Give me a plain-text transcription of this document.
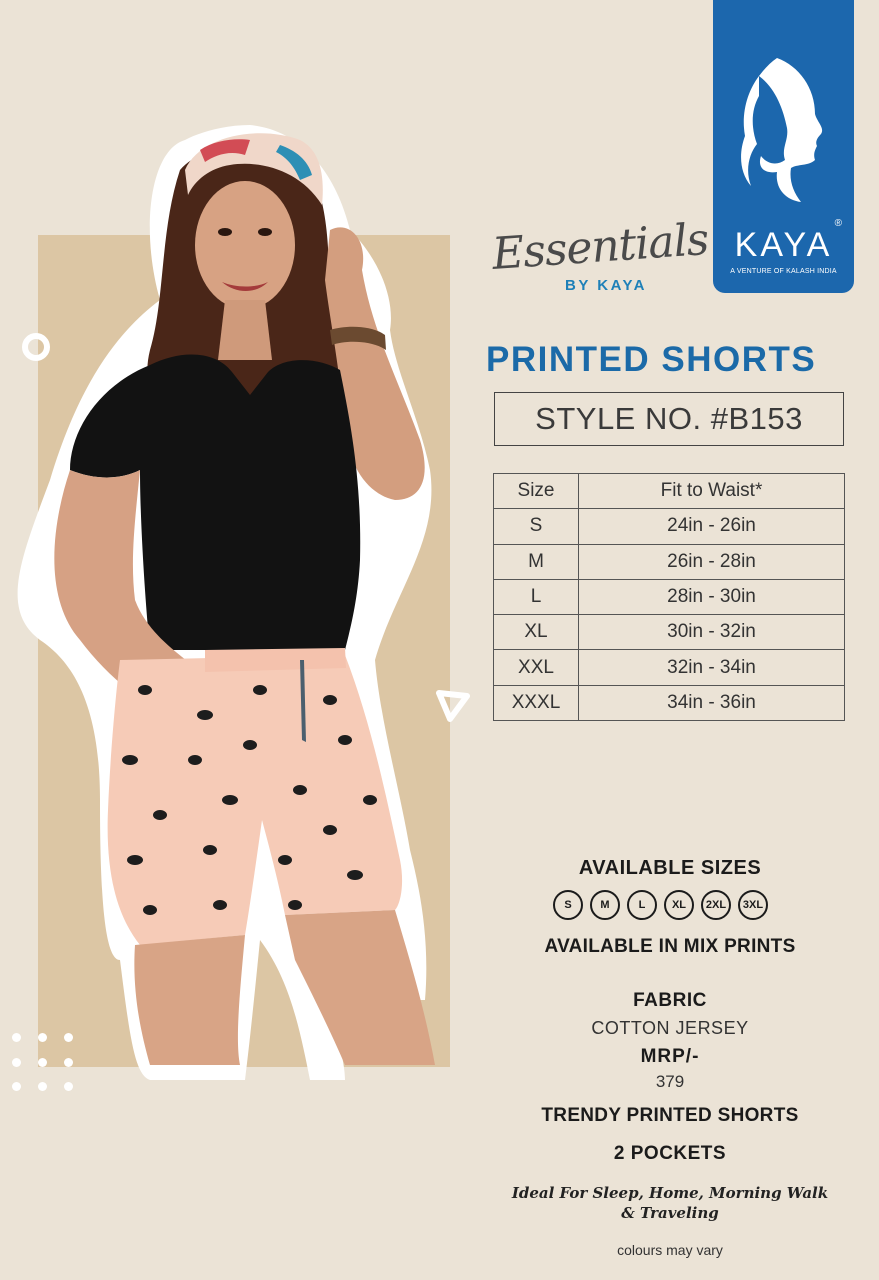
KAYA
®
A VENTURE OF KALASH INDIA
Essentials
BY KAYA
PRINTED SHORTS
STYLE NO. #B153
Size	Fit to Waist*
S	24in - 26in
M	26in - 28in
L	28in - 30in
XL	30in - 32in
XXL	32in - 34in
XXXL	34in - 36in
AVAILABLE SIZES
S	M	L	XL	2XL	3XL
AVAILABLE IN MIX PRINTS
FABRIC
COTTON JERSEY
MRP/-
379
TRENDY PRINTED SHORTS
2 POCKETS
Ideal For Sleep, Home, Morning Walk
& Traveling
colours may vary
